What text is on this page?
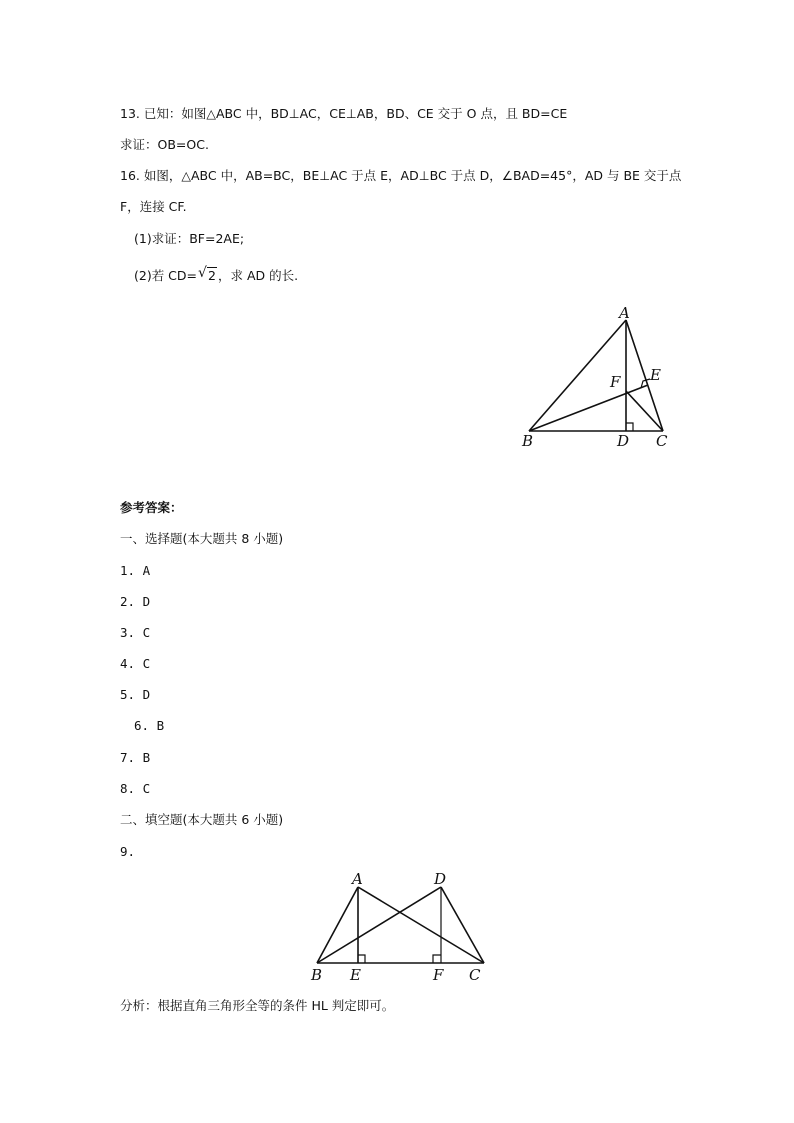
13. 已知：如图△ABC 中，BD⊥AC，CE⊥AB，BD、CE 交于 O 点，且 BD=CE
求证：OB=OC.
16. 如图，△ABC 中，AB=BC，BE⊥AC 于点 E，AD⊥BC 于点 D，∠BAD=45°，AD 与 BE 交于点
F，连接 CF.
(1)求证：BF=2AE;
(2)若 CD= √ 2 ，求 AD 的长.
A
B	C
D
E
F
参考答案：
一、选择题(本大题共 8 小题)
1. A
2. D
3. C
4. C
5. D
6. B
7. B
8. C
二、填空题(本大题共 6 小题)
9.
A	D
B E	F C
分析：根据直角三角形全等的条件 HL 判定即可。
